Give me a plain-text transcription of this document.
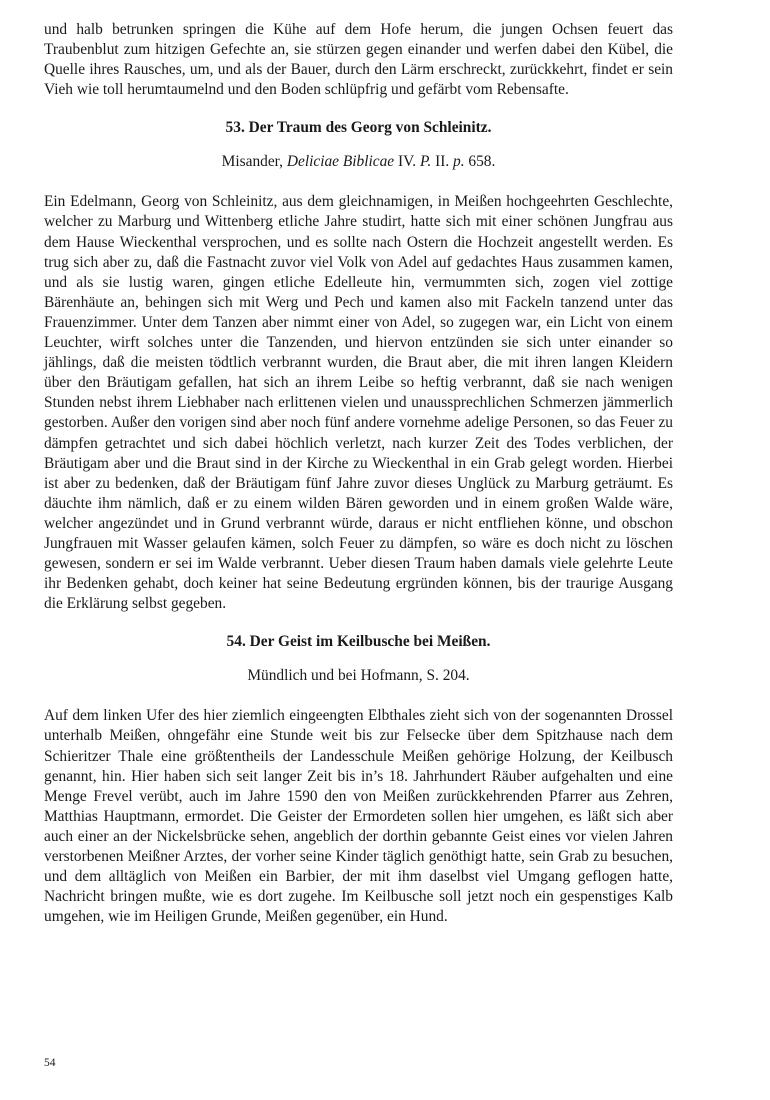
und halb betrunken springen die Kühe auf dem Hofe herum, die jungen Ochsen feuert das Traubenblut zum hitzigen Gefechte an, sie stürzen gegen einander und werfen dabei den Kübel, die Quelle ihres Rausches, um, und als der Bauer, durch den Lärm erschreckt, zurückkehrt, findet er sein Vieh wie toll herumtaumelnd und den Boden schlüpfrig und gefärbt vom Rebensafte.

53. Der Traum des Georg von Schleinitz.

Misander, Deliciae Biblicae IV. P. II. p. 658.

Ein Edelmann, Georg von Schleinitz, aus dem gleichnamigen, in Meißen hochgeehrten Geschlechte, welcher zu Marburg und Wittenberg etliche Jahre studirt, hatte sich mit einer schönen Jungfrau aus dem Hause Wieckenthal versprochen, und es sollte nach Ostern die Hochzeit angestellt werden. Es trug sich aber zu, daß die Fastnacht zuvor viel Volk von Adel auf gedachtes Haus zusammen kamen, und als sie lustig waren, gingen etliche Edelleute hin, vermummten sich, zogen viel zottige Bärenhäute an, behingen sich mit Werg und Pech und kamen also mit Fackeln tanzend unter das Frauenzimmer. Unter dem Tanzen aber nimmt einer von Adel, so zugegen war, ein Licht von einem Leuchter, wirft solches unter die Tanzenden, und hiervon entzünden sie sich unter einander so jählings, daß die meisten tödtlich verbrannt wurden, die Braut aber, die mit ihren langen Kleidern über den Bräutigam gefallen, hat sich an ihrem Leibe so heftig verbrannt, daß sie nach wenigen Stunden nebst ihrem Liebhaber nach erlittenen vielen und unaussprechlichen Schmerzen jämmerlich gestorben. Außer den vorigen sind aber noch fünf andere vornehme adelige Personen, so das Feuer zu dämpfen getrachtet und sich dabei höchlich verletzt, nach kurzer Zeit des Todes verblichen, der Bräutigam aber und die Braut sind in der Kirche zu Wieckenthal in ein Grab gelegt worden. Hierbei ist aber zu bedenken, daß der Bräutigam fünf Jahre zuvor dieses Unglück zu Marburg geträumt. Es däuchte ihm nämlich, daß er zu einem wilden Bären geworden und in einem großen Walde wäre, welcher angezündet und in Grund verbrannt würde, daraus er nicht entfliehen könne, und obschon Jungfrauen mit Wasser gelaufen kämen, solch Feuer zu dämpfen, so wäre es doch nicht zu löschen gewesen, sondern er sei im Walde verbrannt. Ueber diesen Traum haben damals viele gelehrte Leute ihr Bedenken gehabt, doch keiner hat seine Bedeutung ergründen können, bis der traurige Ausgang die Erklärung selbst gegeben.

54. Der Geist im Keilbusche bei Meißen.

Mündlich und bei Hofmann, S. 204.

Auf dem linken Ufer des hier ziemlich eingeengten Elbthales zieht sich von der sogenannten Drossel unterhalb Meißen, ohngefähr eine Stunde weit bis zur Felsecke über dem Spitzhause nach dem Schieritzer Thale eine größtentheils der Landesschule Meißen gehörige Holzung, der Keilbusch genannt, hin. Hier haben sich seit langer Zeit bis in’s 18. Jahrhundert Räuber aufgehalten und eine Menge Frevel verübt, auch im Jahre 1590 den von Meißen zurückkehrenden Pfarrer aus Zehren, Matthias Hauptmann, ermordet. Die Geister der Ermordeten sollen hier umgehen, es läßt sich aber auch einer an der Nickelsbrücke sehen, angeblich der dorthin gebannte Geist eines vor vielen Jahren verstorbenen Meißner Arztes, der vorher seine Kinder täglich genöthigt hatte, sein Grab zu besuchen, und dem alltäglich von Meißen ein Barbier, der mit ihm daselbst viel Umgang geflogen hatte, Nachricht bringen mußte, wie es dort zugehe. Im Keilbusche soll jetzt noch ein gespenstiges Kalb umgehen, wie im Heiligen Grunde, Meißen gegenüber, ein Hund.

54
